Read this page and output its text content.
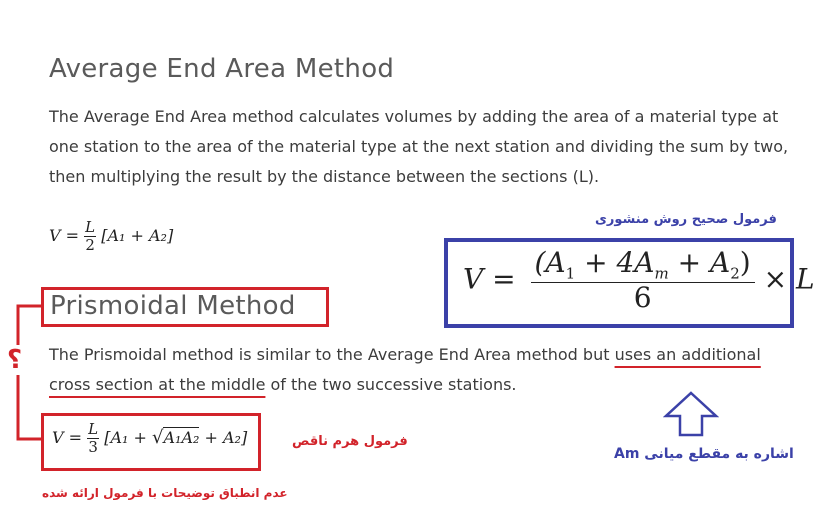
Average End Area Method
The Average End Area method calculates volumes by adding the area of a material type at one station to the area of the material type at the next station and dividing the sum by two, then multiplying the result by the distance between the sections (L).
$V = \frac{L}{2} [A_1 + A_2]$
فرمول صحیح روش منشوری
$V = \frac{(A_1 + 4A_m + A_2)}{6} \times L$
Prismoidal Method
The Prismoidal method is similar to the Average End Area method but uses an additional
cross section at the middle of the two successive stations.
$V = \frac{L}{3} [A_1 + √A_1A_2 + A_2]$
؟
فرمول هرم ناقص
عدم انطباق توضیحات با فرمول ارائه شده
اشاره به مقطع میانی Am
